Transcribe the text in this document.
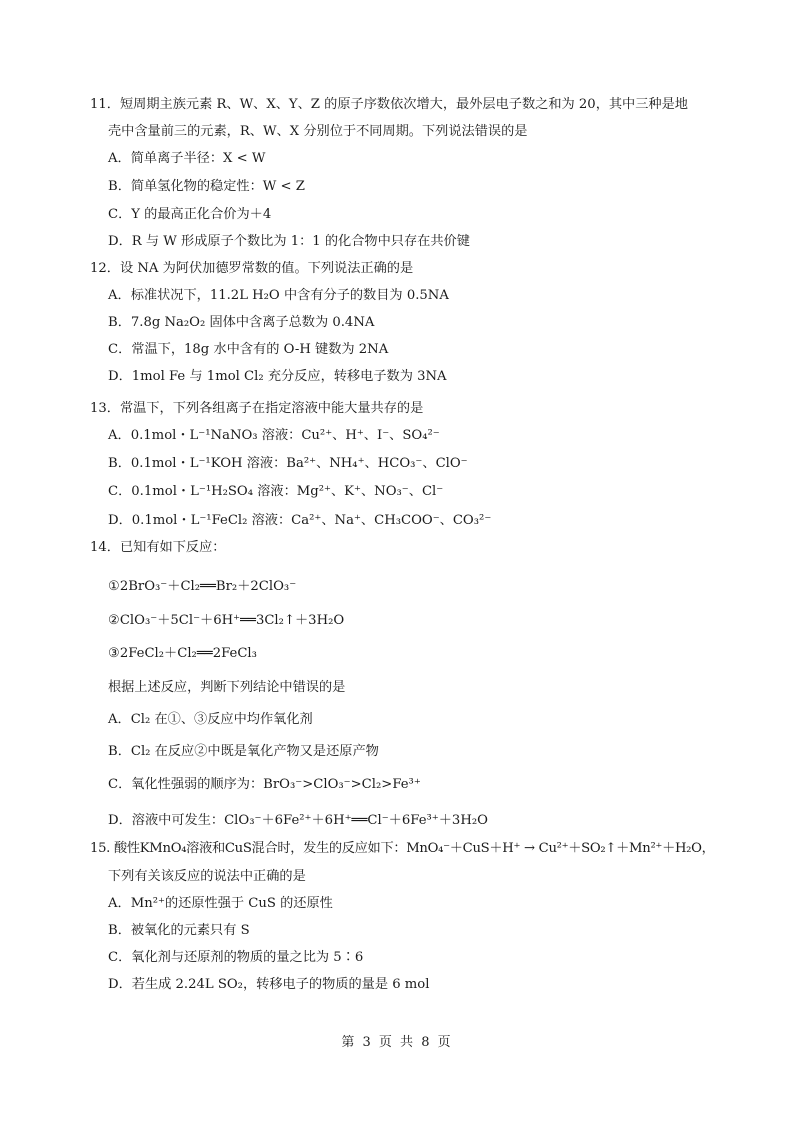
11．短周期主族元素 R、W、X、Y、Z 的原子序数依次增大，最外层电子数之和为 20，其中三种是地
壳中含量前三的元素，R、W、X 分别位于不同周期。下列说法错误的是
A．简单离子半径：X < W
B．简单氢化物的稳定性：W < Z
C．Y 的最高正化合价为＋4
D．R 与 W 形成原子个数比为 1：1 的化合物中只存在共价键
12．设 NA 为阿伏加德罗常数的值。下列说法正确的是
A．标准状况下，11.2L H₂O 中含有分子的数目为 0.5NA
B．7.8g Na₂O₂ 固体中含离子总数为 0.4NA
C．常温下，18g 水中含有的 O-H 键数为 2NA
D．1mol Fe 与 1mol Cl₂ 充分反应，转移电子数为 3NA
13．常温下，下列各组离子在指定溶液中能大量共存的是
A．0.1mol・L⁻¹NaNO₃ 溶液：Cu²⁺、H⁺、I⁻、SO₄²⁻
B．0.1mol・L⁻¹KOH 溶液：Ba²⁺、NH₄⁺、HCO₃⁻、ClO⁻
C．0.1mol・L⁻¹H₂SO₄ 溶液：Mg²⁺、K⁺、NO₃⁻、Cl⁻
D．0.1mol・L⁻¹FeCl₂ 溶液：Ca²⁺、Na⁺、CH₃COO⁻、CO₃²⁻
14．已知有如下反应：
①2BrO₃⁻＋Cl₂══Br₂＋2ClO₃⁻
②ClO₃⁻＋5Cl⁻＋6H⁺══3Cl₂↑＋3H₂O
③2FeCl₂＋Cl₂══2FeCl₃
根据上述反应，判断下列结论中错误的是
A．Cl₂ 在①、③反应中均作氧化剂
B．Cl₂ 在反应②中既是氧化产物又是还原产物
C．氧化性强弱的顺序为：BrO₃⁻>ClO₃⁻>Cl₂>Fe³⁺
D．溶液中可发生：ClO₃⁻＋6Fe²⁺＋6H⁺══Cl⁻＋6Fe³⁺＋3H₂O
15. 酸性KMnO₄溶液和CuS混合时，发生的反应如下：MnO₄⁻＋CuS＋H⁺ → Cu²⁺＋SO₂↑＋Mn²⁺＋H₂O，
下列有关该反应的说法中正确的是
A．Mn²⁺的还原性强于 CuS 的还原性
B．被氧化的元素只有 S
C．氧化剂与还原剂的物质的量之比为 5∶6
D．若生成 2.24L SO₂，转移电子的物质的量是 6 mol
第 3 页 共 8 页
